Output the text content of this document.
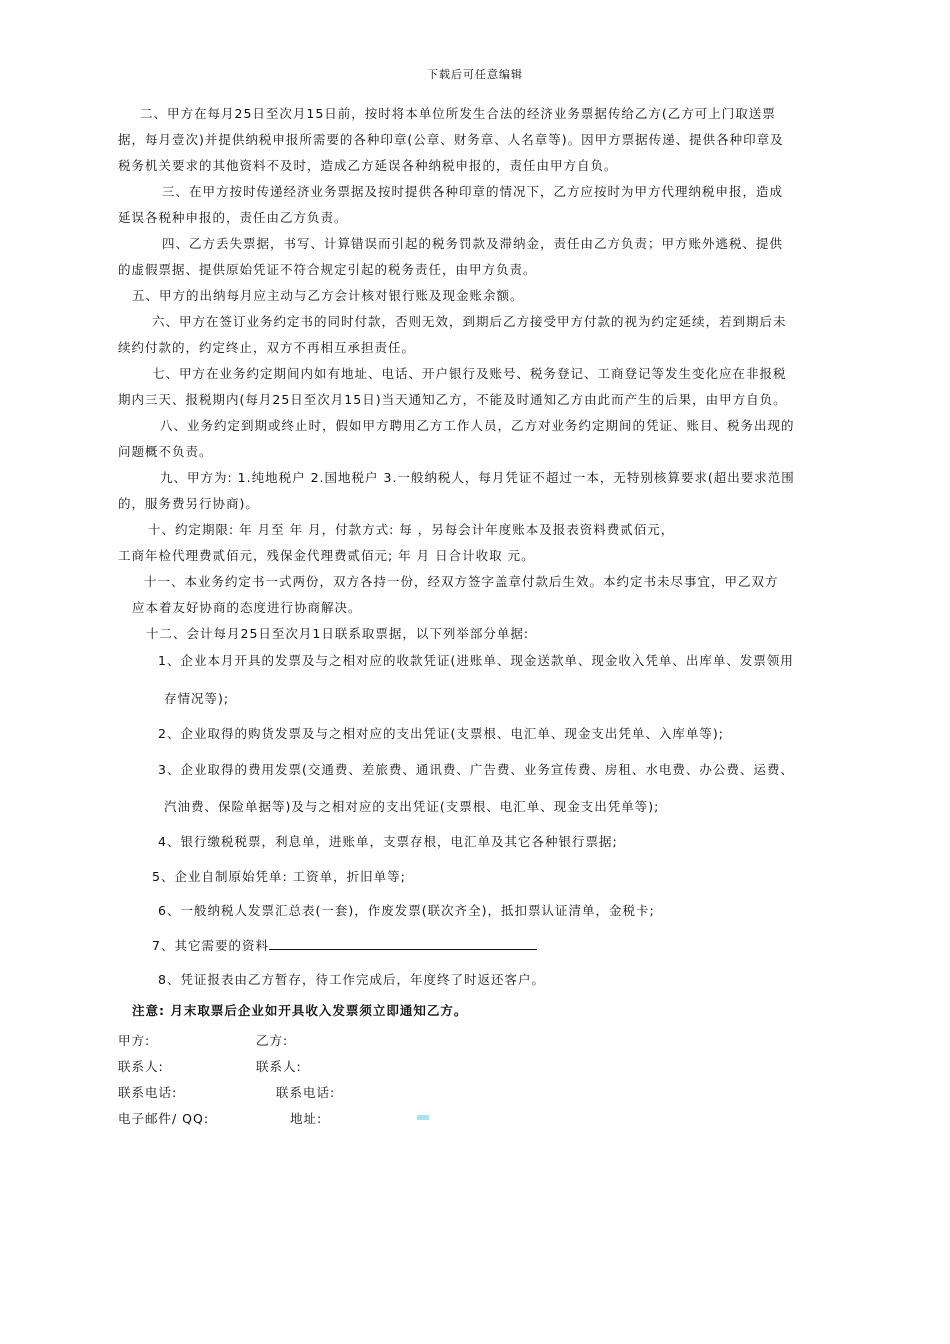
下载后可任意编辑
二、甲方在每月25日至次月15日前，按时将本单位所发生合法的经济业务票据传给乙方(乙方可上门取送票
据，每月壹次)并提供纳税申报所需要的各种印章(公章、财务章、人名章等)。因甲方票据传递、提供各种印章及
税务机关要求的其他资料不及时，造成乙方延误各种纳税申报的，责任由甲方自负。
三、在甲方按时传递经济业务票据及按时提供各种印章的情况下，乙方应按时为甲方代理纳税申报，造成
延误各税种申报的，责任由乙方负责。
四、乙方丢失票据，书写、计算错误而引起的税务罚款及滞纳金，责任由乙方负责；甲方账外逃税、提供
的虚假票据、提供原始凭证不符合规定引起的税务责任，由甲方负责。
五、甲方的出纳每月应主动与乙方会计核对银行账及现金账余额。
六、甲方在签订业务约定书的同时付款，否则无效，到期后乙方接受甲方付款的视为约定延续，若到期后未
续约付款的，约定终止，双方不再相互承担责任。
七、甲方在业务约定期间内如有地址、电话、开户银行及账号、税务登记、工商登记等发生变化应在非报税
期内三天、报税期内(每月25日至次月15日)当天通知乙方，不能及时通知乙方由此而产生的后果，由甲方自负。
八、业务约定到期或终止时，假如甲方聘用乙方工作人员，乙方对业务约定期间的凭证、账目、税务出现的
问题概不负责。
九、甲方为: 1.纯地税户 2.国地税户 3.一般纳税人，每月凭证不超过一本，无特别核算要求(超出要求范围
的，服务费另行协商)。
十、约定期限: 年 月至 年 月，付款方式: 每 ，另每会计年度账本及报表资料费贰佰元，
工商年检代理费贰佰元，残保金代理费贰佰元; 年 月 日合计收取 元。
十一、本业务约定书一式两份，双方各持一份，经双方签字盖章付款后生效。本约定书未尽事宜，甲乙双方
应本着友好协商的态度进行协商解决。
十二、会计每月25日至次月1日联系取票据，以下列举部分单据:
1、企业本月开具的发票及与之相对应的收款凭证(进账单、现金送款单、现金收入凭单、出库单、发票领用
存情况等);
2、企业取得的购货发票及与之相对应的支出凭证(支票根、电汇单、现金支出凭单、入库单等);
3、企业取得的费用发票(交通费、差旅费、通讯费、广告费、业务宣传费、房租、水电费、办公费、运费、
汽油费、保险单据等)及与之相对应的支出凭证(支票根、电汇单、现金支出凭单等);
4、银行缴税税票，利息单，进账单，支票存根，电汇单及其它各种银行票据;
5、企业自制原始凭单: 工资单，折旧单等;
6、一般纳税人发票汇总表(一套)，作废发票(联次齐全)，抵扣票认证清单，金税卡;
7、其它需要的资料
8、凭证报表由乙方暂存，待工作完成后，年度终了时返还客户。
注意: 月末取票后企业如开具收入发票须立即通知乙方。
甲方:	乙方:
联系人:	联系人:
联系电话:	联系电话:
电子邮件/ QQ:	地址:
